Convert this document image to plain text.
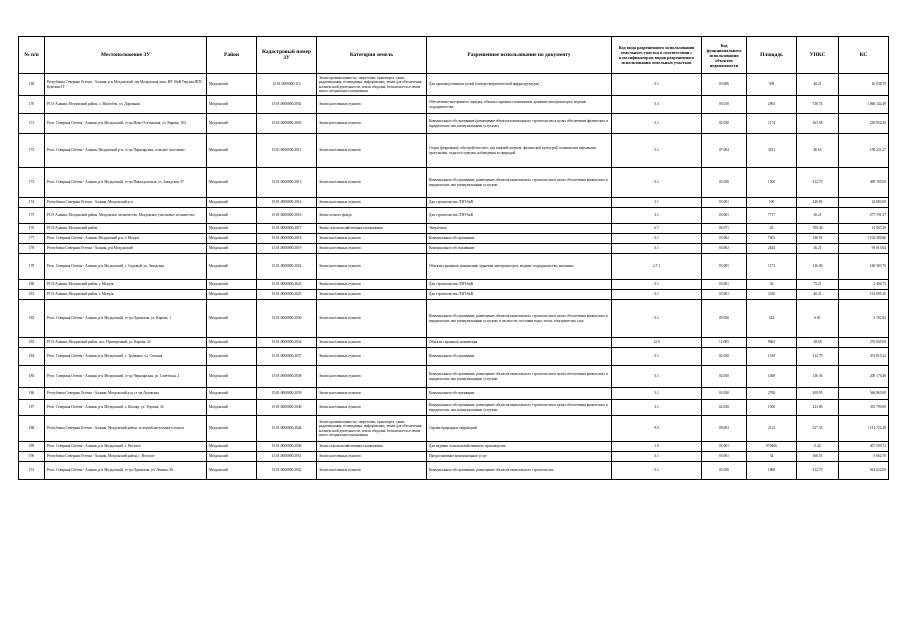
№ п/п	Местоположение ЗУ	Район	Кадастровый номер ЗУ	Категория земель	Разрешенное использование по документу	Код вида разрешенного использования земельного участка в соответствии с классификатором видов разрешенного использования земельных участков	Код функционального использования объектов недвижимости	Площадь	УПКС	КС
169	Республика Северная Осетия - Алания, р-н Моздокский, тер Моздокская зона, ВЛ 10кВ Терская НПС Кумская-1Т	Моздокский	15:01:0000000:113	Земли промышленности, энергетики, транспорта, связи, радиовещания, телевидения, информатики, земли для обеспечения космической деятельности, земли обороны, безопасности и земли иного специального назначения	Для производственных целей (электроэнергетической инфраструктуры)	3.1	03:006	399	40.21	16 038.79
170	РСО-Алания, Моздокский район, с. Малгобек, ул. Дорожная	Моздокский	15:01:0000000:2002	Земли населенных пунктов	Обеспечение внутреннего порядка; объекты гаражного назначения; хранение автотранспорта; ведение огородничества	3.3	03:010	2903	738.74	1 866 142.49
171	Респ. Северная Осетия - Алания, р-н Моздокский, ст-ца Ново-Осетинская, ул. Кирова, 104	Моздокский	15:01:0000000:2003	Земли населенных пунктов	Коммунальное обслуживание (размещение объектов капитального строительства в целях обеспечения физических и юридических лиц коммунальными услугами)	3.1	02:030	1174	163.58	230 854.26
172	Респ. Северная Осетия - Алания, Моздокский р-н, ст-ца Черноярская, сельское поселение	Моздокский	15:01:0000000:2011	Земли населенных пунктов	Отдых (рекреация); обустройство мест для занятий спортом, физической культурой, пешими или верховыми прогулками, отдыха и туризма, наблюдения за природой	5.1	07:004	3811	46.63	158 231.27
173	Респ. Северная Осетия - Алания, р-н Моздокский, ст-ца Павлодольская, ул. Заводская, 37	Моздокский	15:01:0000000:2013	Земли населенных пунктов	Коммунальное обслуживание; размещение объектов капитального строительства в целях обеспечения физических и юридических лиц коммунальными услугами	3.1	02:030	1500	312.79	469 185.00
174	Республика Северная Осетия - Алания, Моздокский р-н	Моздокский	15:01:0000000:2014	Земли населенных пунктов	Для строительства ЛЭП-6кВ	3.1	03:001	100	240.83	24 083.00
175	РСО-Алания, Моздокский район, Моздокское лесничество, Моздокское участковое лесничество	Моздокский	15:01:0000000:2016	Земли лесного фонда	Для строительства ЛЭП-6кВ	3.1	03:001	7717	36.21	277 191.57
176	РСО-Алания, Моздокский район	Моздокский	15:01:0000000:2017	Земли сельскохозяйственного назначения	Энергетика	6.7	06:071	20	700.36	14 007.20
177	Респ. Северная Осетия - Алания, Моздокский р-н, г. Моздок	Моздокский	15:01:0000000:2018	Земли населенных пунктов	Коммунальное обслуживание	3.1	03:002	7403	148.91	1 102 384.86
178	Республика Северная Осетия - Алания, р-н Моздокский	Моздокский	15:01:0000000:2019	Земли населенных пунктов	Коммунальное обслуживание	3.1	03:002	2624	36.21	95 015.04
179	Респ. Северная Осетия - Алания, р-н Моздокский, с. Садовый, ул. Заводская	Моздокский	15:01:0000000:2022	Земли населенных пунктов	Объекты гаражного назначения; хранение автотранспорта; ведение огородничества; магазины	2.7.1	03:005	1173	136.90	160 583.70
180	РСО-Алания, Моздокский район, г. Моздок	Моздокский	15:01:0000000:2023	Земли населенных пунктов	Для строительства ЛЭП-6кВ	3.1	03:001	32	75.21	2 406.72
181	РСО-Алания, Моздокский район, г. Моздок	Моздокский	15:01:0000000:2025	Земли населенных пунктов	Для строительства ЛЭП-6кВ	3.1	03:001	3310	40.21	133 095.10
182	Респ. Северная Осетия - Алания, р-н Моздокский, ст-ца Луковская, ул. Кирова, 1	Моздокский	15:01:0000000:2030	Земли населенных пунктов	Коммунальное обслуживание; размещение объектов капитального строительства в целях обеспечения физических и юридических лиц коммунальными услугами, в частности: поставки воды, тепла, электричества, газа	3.1	09:030	322	6.81	2 192.82
183	РСО-Алания, Моздокский район, пос. Притеречный, ул. Кирова, 24	Моздокский	15:01:0000000:2034	Земли населенных пунктов	Объекты гаражного назначения	12.0	12:005	9663	28.65	276 845.00
184	Респ. Северная Осетия - Алания, р-н Моздокский, с. Троицкое, ул. Степная	Моздокский	15:01:0000000:2037	Земли населенных пунктов	Коммунальное обслуживание	3.1	02:030	1518	312.79	474 815.22
185	Респ. Северная Осетия - Алания, р-н Моздокский, ст-ца Черноярская, ул. Советская, 2	Моздокский	15:01:0000000:2038	Земли населенных пунктов	Коммунальное обслуживание; размещение объектов капитального строительства в целях обеспечения физических и юридических лиц коммунальными услугами	3.1	02:030	1468	136.36	200 176.48
186	Республика Северная Осетия - Алания, Моздокский р-н, ст-ца Луковская	Моздокский	15:01:0000000:2039	Земли населенных пунктов	Коммунальное обслуживание	3.1	02:030	2700	209.95	566 865.00
187	Респ. Северная Осетия - Алания, р-н Моздокский, с. Кизляр, ул. Терская, 34	Моздокский	15:01:0000000:2040	Земли населенных пунктов	Коммунальное обслуживание; размещение объектов капитального строительства в целях обеспечения физических и юридических лиц коммунальными услугами	3.1	02:030	1500	223.86	335 790.00
188	Республика Северная Осетия - Алания, Моздокский район, за чертой населенного пункта	Моздокский	15:01:0000000:2044	Земли промышленности, энергетики, транспорта, связи, радиовещания, телевидения, информатики, земли для обеспечения космической деятельности, земли обороны, безопасности и земли иного специального назначения	Охрана природных территорий	9.0	09:003	2112	527.33	1 113 721.28
189	Респ. Северная Осетия - Алания, р-н Моздокский, с. Веселое	Моздокский	15:01:0000000:2049	Земли сельскохозяйственного назначения	Для ведения сельскохозяйственного производства	1.0	01:001	970466	0.42	407 595.72
190	Республика Северная Осетия - Алания, Моздокский район, с. Веселое	Моздокский	15:01:0000000:2051	Земли населенных пунктов	Предоставление коммунальных услуг	3.1	03:001	34	166.55	5 662.70
191	Респ. Северная Осетия - Алания, р-н Моздокский, ст-ца Луковская, ул. Ленина, 26	Моздокский	15:01:0000000:2052	Земли населенных пунктов	Коммунальное обслуживание; размещение объектов капитального строительства	3.1	02:030	1800	312.79	563 022.00
